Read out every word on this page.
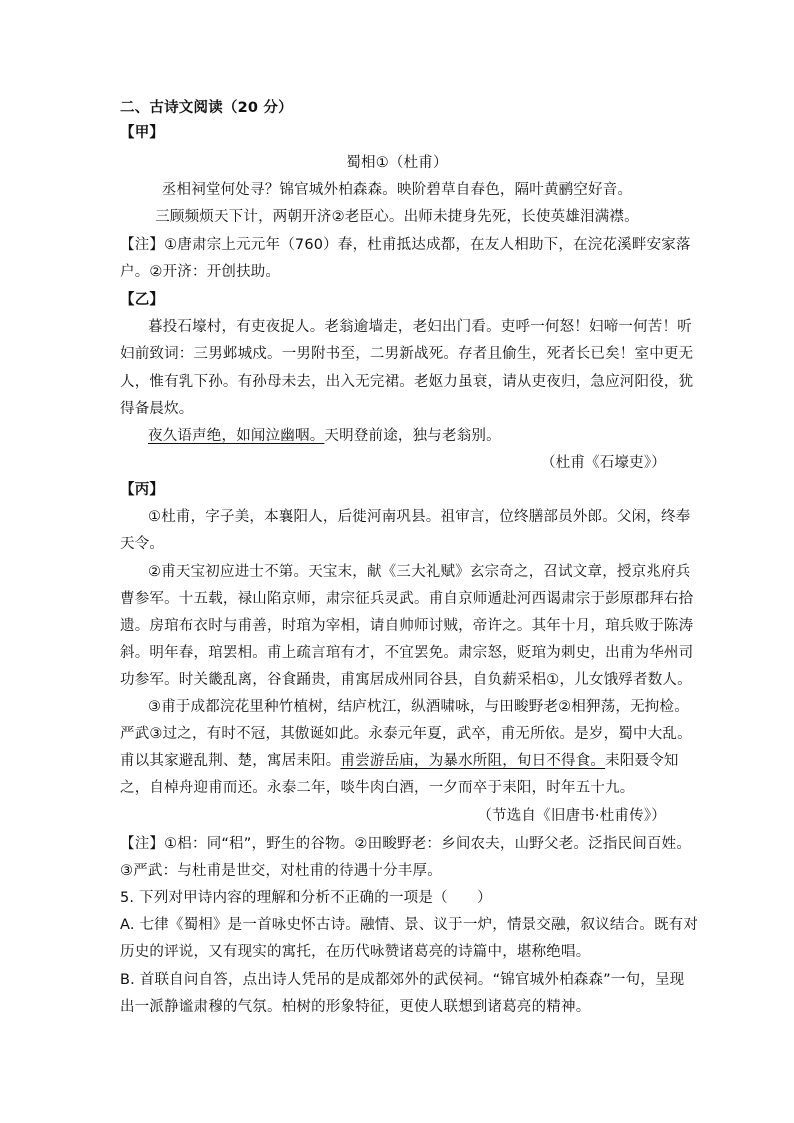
二、古诗文阅读（20 分）
【甲】
蜀相①（杜甫）
丞相祠堂何处寻？锦官城外柏森森。映阶碧草自春色，隔叶黄鹂空好音。
三顾频烦天下计，两朝开济②老臣心。出师未捷身先死，长使英雄泪满襟。
【注】①唐肃宗上元元年（760）春，杜甫抵达成都，在友人相助下，在浣花溪畔安家落
户。②开济：开创扶助。
【乙】
暮投石壕村，有吏夜捉人。老翁逾墙走，老妇出门看。吏呼一何怒！妇啼一何苦！听
妇前致词：三男邺城戍。一男附书至，二男新战死。存者且偷生，死者长已矣！室中更无
人，惟有乳下孙。有孙母未去，出入无完裙。老妪力虽衰，请从吏夜归，急应河阳役，犹
得备晨炊。
夜久语声绝，如闻泣幽咽。天明登前途，独与老翁别。
（杜甫《石壕吏》）
【丙】
①杜甫，字子美，本襄阳人，后徙河南巩县。祖审言，位终膳部员外郎。父闲，终奉
天令。
②甫天宝初应进士不第。天宝末，献《三大礼赋》玄宗奇之，召试文章，授京兆府兵
曹参军。十五载，禄山陷京师，肃宗征兵灵武。甫自京师遁赴河西谒肃宗于彭原郡拜右拾
遗。房琯布衣时与甫善，时琯为宰相，请自帅师讨贼，帝许之。其年十月，琯兵败于陈涛
斜。明年春，琯罢相。甫上疏言琯有才，不宜罢免。肃宗怒，贬琯为刺史，出甫为华州司
功参军。时关畿乱离，谷食踊贵，甫寓居成州同谷县，自负薪采梠①，儿女饿殍者数人。
③甫于成都浣花里种竹植树，结庐枕江，纵酒啸咏，与田畯野老②相狎荡，无拘检。
严武③过之，有时不冠，其傲诞如此。永泰元年夏，武卒，甫无所依。是岁，蜀中大乱。
甫以其家避乱荆、楚，寓居耒阳。甫尝游岳庙，为暴水所阻，旬日不得食。耒阳聂令知
之，自棹舟迎甫而还。永泰二年，啖牛肉白酒，一夕而卒于耒阳，时年五十九。
（节选自《旧唐书·杜甫传》）
【注】①梠：同“稆”，野生的谷物。②田畯野老：乡间农夫，山野父老。泛指民间百姓。
③严武：与杜甫是世交，对杜甫的待遇十分丰厚。
5. 下列对甲诗内容的理解和分析不正确的一项是（　　）
A. 七律《蜀相》是一首咏史怀古诗。融情、景、议于一炉，情景交融，叙议结合。既有对
历史的评说，又有现实的寓托，在历代咏赞诸葛亮的诗篇中，堪称绝唱。
B. 首联自问自答，点出诗人凭吊的是成都郊外的武侯祠。“锦官城外柏森森”一句，呈现
出一派静谧肃穆的气氛。柏树的形象特征，更使人联想到诸葛亮的精神。
